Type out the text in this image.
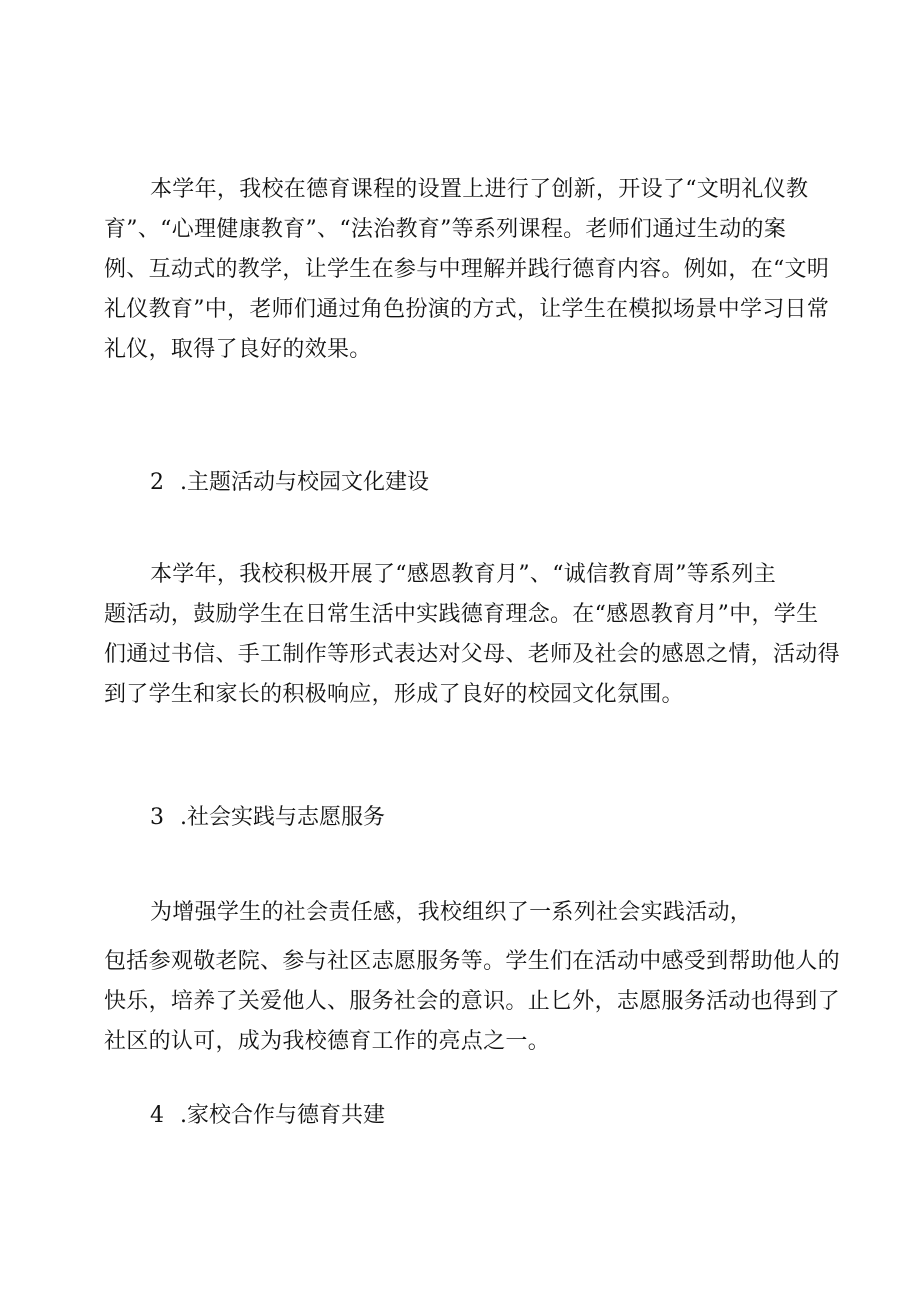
本学年，我校在德育课程的设置上进行了创新，开设了“文明礼仪教
育”、“心理健康教育”、“法治教育”等系列课程。老师们通过生动的案
例、互动式的教学，让学生在参与中理解并践行德育内容。例如，在“文明
礼仪教育”中，老师们通过角色扮演的方式，让学生在模拟场景中学习日常
礼仪，取得了良好的效果。
2 .主题活动与校园文化建设
本学年，我校积极开展了“感恩教育月”、“诚信教育周”等系列主
题活动，鼓励学生在日常生活中实践德育理念。在“感恩教育月”中，学生
们通过书信、手工制作等形式表达对父母、老师及社会的感恩之情，活动得
到了学生和家长的积极响应，形成了良好的校园文化氛围。
3 .社会实践与志愿服务
为增强学生的社会责任感，我校组织了一系列社会实践活动，
包括参观敬老院、参与社区志愿服务等。学生们在活动中感受到帮助他人的
快乐，培养了关爱他人、服务社会的意识。止匕外，志愿服务活动也得到了
社区的认可，成为我校德育工作的亮点之一。
4 .家校合作与德育共建
